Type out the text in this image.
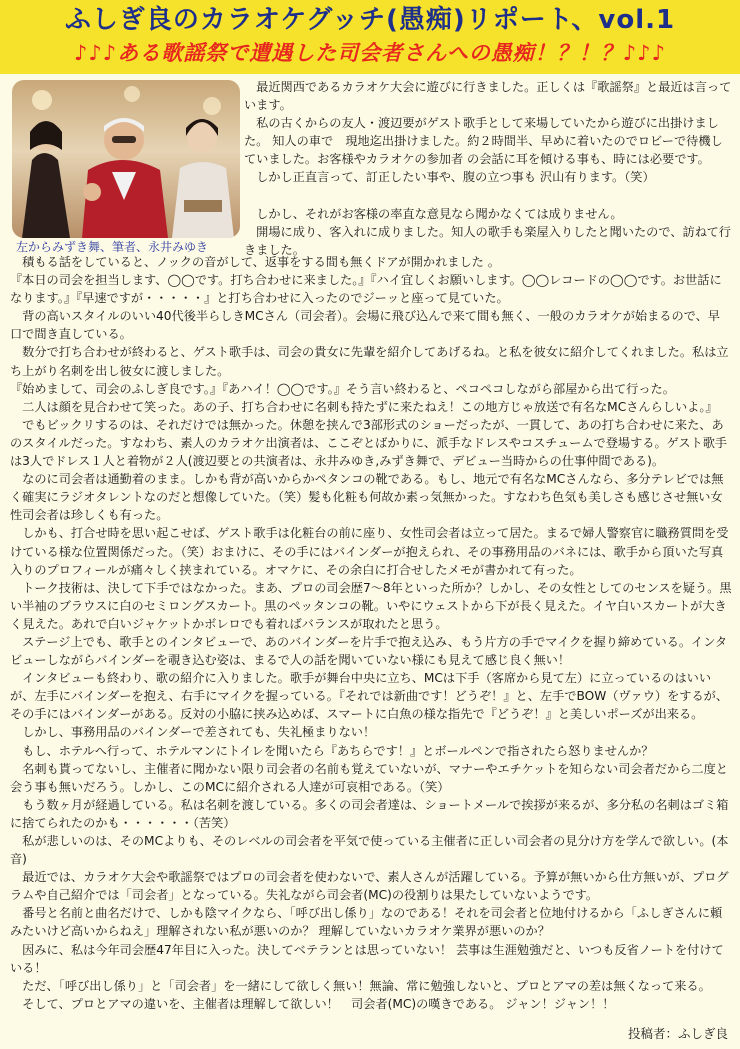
ふしぎ良のカラオケグッチ(愚痴)リポート、vol.1
♪♪♪ある歌謡祭で遭遇した司会者さんへの愚痴！？！？♪♪♪
左からみずき舞、筆者、永井みゆき

　最近関西であるカラオケ大会に遊びに行きました。正しくは『歌謡祭』と最近は言っています。

　私の古くからの友人・渡辺要がゲスト歌手として来場していたから遊びに出掛けました。 知人の車で　現地迄出掛けました。約２時間半、早めに着いたのでロビーで待機していました。お客様やカラオケの参加者 の会話に耳を傾ける事も、時には必要です。

　しかし正直言って、訂正したい事や、腹の立つ事も 沢山有ります。（笑）

　しかし、それがお客様の率直な意見なら聞かなくては成りません。

　開場に成り、客入れに成りました。知人の歌手も楽屋入りしたと聞いたので、訪ねて行きました。

　積もる話をしていると、ノックの音がして、返事をする間も無くドアが開かれました 。

『本日の司会を担当します、◯◯です。打ち合わせに来ました。』『ハイ宜しくお願いします。◯◯レコードの◯◯です。お世話になります。』『早速ですが・・・・・』と打ち合わせに入ったのでジーッと座って見ていた。

　背の高いスタイルのいい40代後半らしきMCさん（司会者）。会場に飛び込んで来て間も無く、一般のカラオケが始まるので、早口で間き直している。

　数分で打ち合わせが終わると、ゲスト歌手は、司会の貴女に先輩を紹介してあげるね。と私を彼女に紹介してくれました。私は立ち上がり名刺を出し彼女に渡しました。

『始めまして、司会のふしぎ良です。』『あハイ！◯◯です。』そう言い終わると、ペコペコしながら部屋から出て行った。

　二人は顔を見合わせて笑った。あの子、打ち合わせに名刺も持たずに来たねえ！この地方じゃ放送で有名なMCさんらしいよ。』

　でもビックリするのは、それだけでは無かった。休憩を挟んで3部形式のショーだったが、一貫して、あの打ち合わせに来た、あのスタイルだった。すなわち、素人のカラオケ出演者は、ここぞとばかりに、派手なドレスやコスチュームで登場する。ゲスト歌手は3人でドレス１人と着物が２人(渡辺要との共演者は、永井みゆき,みずき舞で、デビュー当時からの仕事仲間である)。

　なのに司会者は通勤着のまま。しかも背が高いからかペタンコの靴である。もし、地元で有名なMCさんなら、多分テレビでは無く確実にラジオタレントなのだと想像していた。（笑）髪も化粧も何故か素っ気無かった。すなわち色気も美しさも感じさせ無い女性司会者は珍しくも有った。

　しかも、打合せ時を思い起こせば、ゲスト歌手は化粧台の前に座り、女性司会者は立って居た。まるで婦人警察官に職務質問を受けている様な位置関係だった。（笑）おまけに、その手にはバインダーが抱えられ、その事務用品のバネには、歌手から頂いた写真入りのプロフィールが痛々しく挟まれている。オマケに、その余白に打合せしたメモが書かれて有った。

　トーク技術は、決して下手ではなかった。まあ、プロの司会歴7〜8年といった所か？しかし、その女性としてのセンスを疑う。黒い半袖のブラウスに白のセミロングスカート。黒のペッタンコの靴。いやにウェストから下が長く見えた。イヤ白いスカートが大きく見えた。あれで白いジャケットかボレロでも着ればバランスが取れたと思う。

　ステージ上でも、歌手とのインタビューで、あのバインダーを片手で抱え込み、もう片方の手でマイクを握り締めている。インタビューしながらバインダーを覗き込む姿は、まるで人の話を聞いていない様にも見えて感じ良く無い！

　インタビューも終わり、歌の紹介に入りました。歌手が舞台中央に立ち、MCは下手（客席から見て左）に立っているのはいいが、左手にバインダーを抱え、右手にマイクを握っている。『それでは新曲です！どうぞ！』と、左手でBOW（ヴァウ）をするが、その手にはバインダーがある。反対の小脇に挟み込めば、スマートに白魚の様な指先で『どうぞ！』と美しいポーズが出来る。

　しかし、事務用品のバインダーで差されても、失礼極まりない！

　もし、ホテルへ行って、ホテルマンにトイレを聞いたら『あちらです！』とボールペンで指されたら怒りませんか？

　名刺も貰ってないし、主催者に聞かない限り司会者の名前も覚えていないが、マナーやエチケットを知らない司会者だから二度と会う事も無いだろう。しかし、このMCに紹介される人達が可哀相である。（笑）

　もう数ヶ月が経過している。私は名刺を渡している。多くの司会者達は、ショートメールで挨拶が来るが、多分私の名刺はゴミ箱に捨てられたのかも・・・・・・（苦笑）

　私が悲しいのは、そのMCよりも、そのレベルの司会者を平気で使っている主催者に正しい司会者の見分け方を学んで欲しい。(本音)

　最近では、カラオケ大会や歌謡祭ではプロの司会者を使わないで、素人さんが活躍している。予算が無いから仕方無いが、プログラムや自己紹介では「司会者」となっている。失礼ながら司会者(MC)の役割りは果たしていないようです。

　番号と名前と曲名だけで、しかも陰マイクなら、「呼び出し係り」なのである！それを司会者と位地付けるから「ふしぎさんに頼みたいけど高いからねえ」理解されない私が悪いのか？ 理解していないカラオケ業界が悪いのか？

　因みに、私は今年司会歴47年目に入った。決してベテランとは思っていない！ 芸事は生涯勉強だと、いつも反省ノートを付けている！

　ただ、「呼び出し係り」と「司会者」を一緒にして欲しく無い！無論、常に勉強しないと、プロとアマの差は無くなって来る。

　そして、プロとアマの違いを、主催者は理解して欲しい！　司会者(MC)の嘆きである。 ジャン！ジャン！！

投稿者：ふしぎ良
